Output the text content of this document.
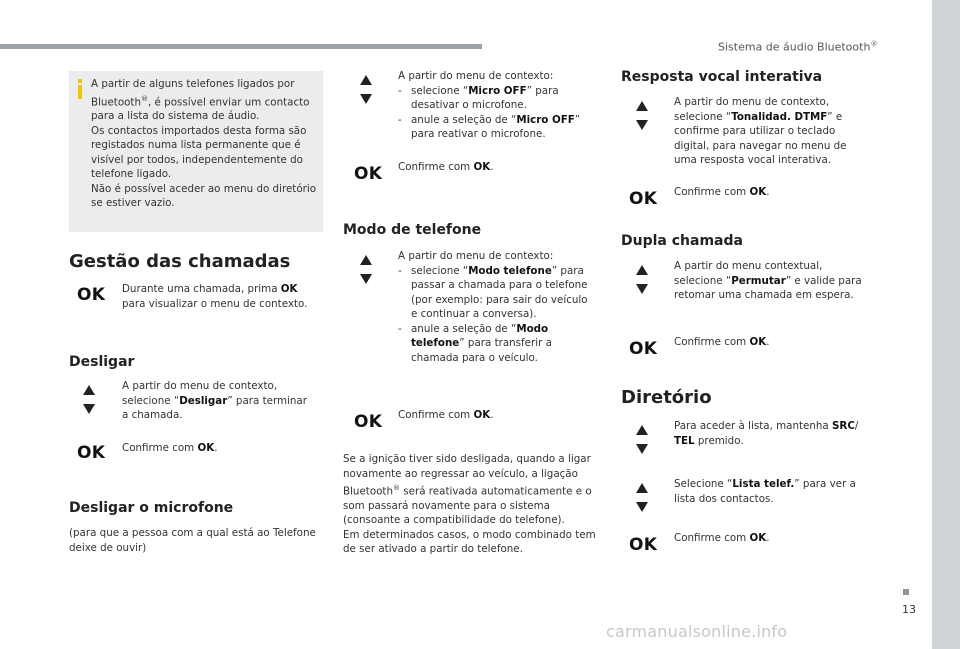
Sistema de áudio Bluetooth®
13
carmanualsonline.info
A partir de alguns telefones ligados por Bluetooth®, é possível enviar um contacto para a lista do sistema de áudio.
Os contactos importados desta forma são registados numa lista permanente que é visível por todos, independentemente do telefone ligado.
Não é possível aceder ao menu do diretório se estiver vazio.
Gestão das chamadas
OK Durante uma chamada, prima OK para visualizar o menu de contexto.
Desligar
A partir do menu de contexto, selecione “Desligar” para terminar a chamada.
OK Confirme com OK.
Desligar o microfone
(para que a pessoa com a qual está ao Telefone deixe de ouvir)
A partir do menu de contexto:
- selecione “Micro OFF” para desativar o microfone.
- anule a seleção de “Micro OFF” para reativar o microfone.
OK Confirme com OK.
Modo de telefone
A partir do menu de contexto:
- selecione “Modo telefone” para passar a chamada para o telefone (por exemplo: para sair do veículo e continuar a conversa).
- anule a seleção de “Modo telefone” para transferir a chamada para o veículo.
OK Confirme com OK.
Se a ignição tiver sido desligada, quando a ligar novamente ao regressar ao veículo, a ligação Bluetooth® será reativada automaticamente e o som passará novamente para o sistema (consoante a compatibilidade do telefone).
Em determinados casos, o modo combinado tem de ser ativado a partir do telefone.
Resposta vocal interativa
A partir do menu de contexto, selecione “Tonalidad. DTMF” e confirme para utilizar o teclado digital, para navegar no menu de uma resposta vocal interativa.
OK Confirme com OK.
Dupla chamada
A partir do menu contextual, selecione “Permutar” e valide para retomar uma chamada em espera.
OK Confirme com OK.
Diretório
Para aceder à lista, mantenha SRC/
TEL premido.
Selecione “Lista telef.” para ver a lista dos contactos.
OK Confirme com OK.
